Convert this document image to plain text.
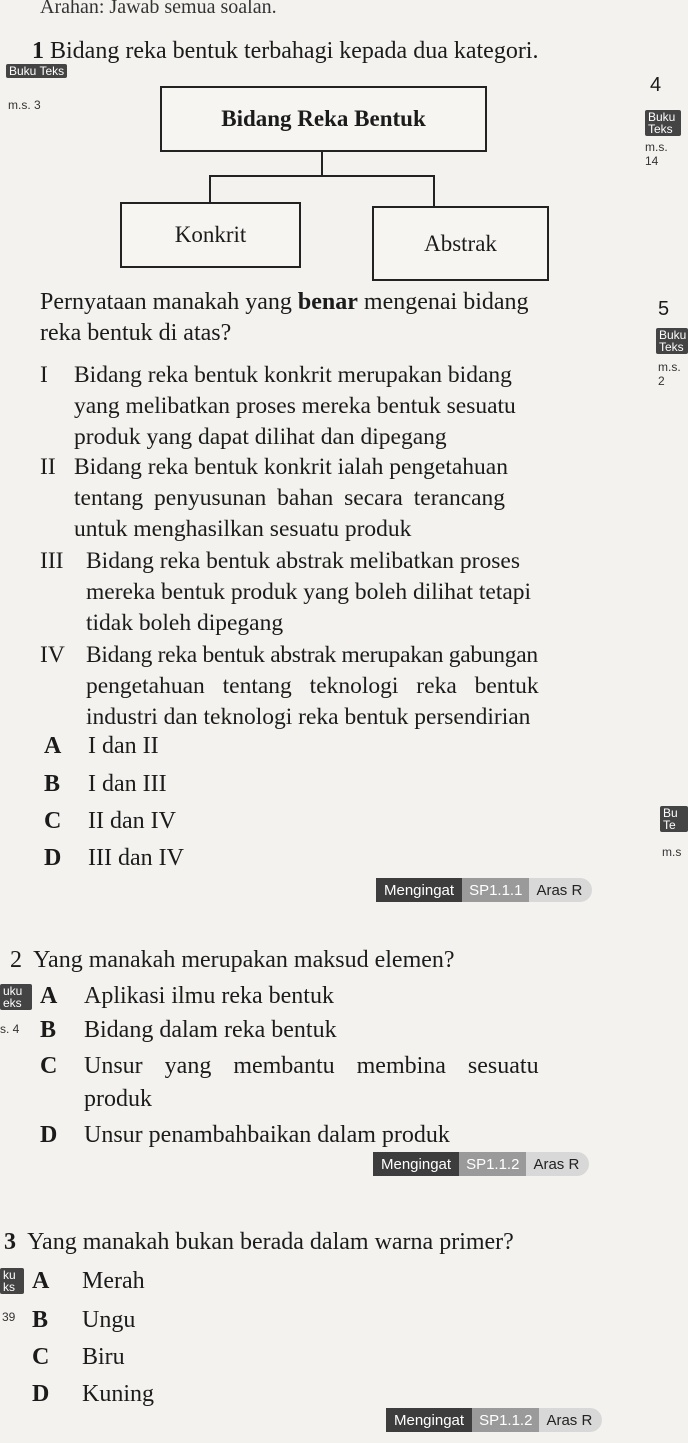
Arahan: Jawab semua soalan.
1 Bidang reka bentuk terbahagi kepada dua kategori.
Buku Teks
m.s. 3
4
Buku Teks
m.s. 14
Bidang Reka Bentuk
Konkrit	Abstrak
Pernyataan manakah yang benar mengenai bidang
reka bentuk di atas?
5
Buku Teks
m.s. 2
I Bidang reka bentuk konkrit merupakan bidang
yang melibatkan proses mereka bentuk sesuatu
produk yang dapat dilihat dan dipegang
II Bidang reka bentuk konkrit ialah pengetahuan
tentang penyusunan bahan secara terancang
untuk menghasilkan sesuatu produk
III Bidang reka bentuk abstrak melibatkan proses
mereka bentuk produk yang boleh dilihat tetapi
tidak boleh dipegang
IV Bidang reka bentuk abstrak merupakan gabungan
pengetahuan tentang teknologi reka bentuk
industri dan teknologi reka bentuk persendirian
A I dan II
B I dan III
C II dan IV
D III dan IV
Bu Te
m.s
Mengingat	SP1.1.1 Aras R
2 Yang manakah merupakan maksud elemen?
uku eks
s. 4
A Aplikasi ilmu reka bentuk
B Bidang dalam reka bentuk
C Unsur yang membantu membina sesuatu
produk
D Unsur penambahbaikan dalam produk
Mengingat	SP1.1.2 Aras R
3 Yang manakah bukan berada dalam warna primer?
ku ks
39
A Merah
B Ungu
C Biru
D Kuning
Mengingat	SP1.1.2 Aras R
